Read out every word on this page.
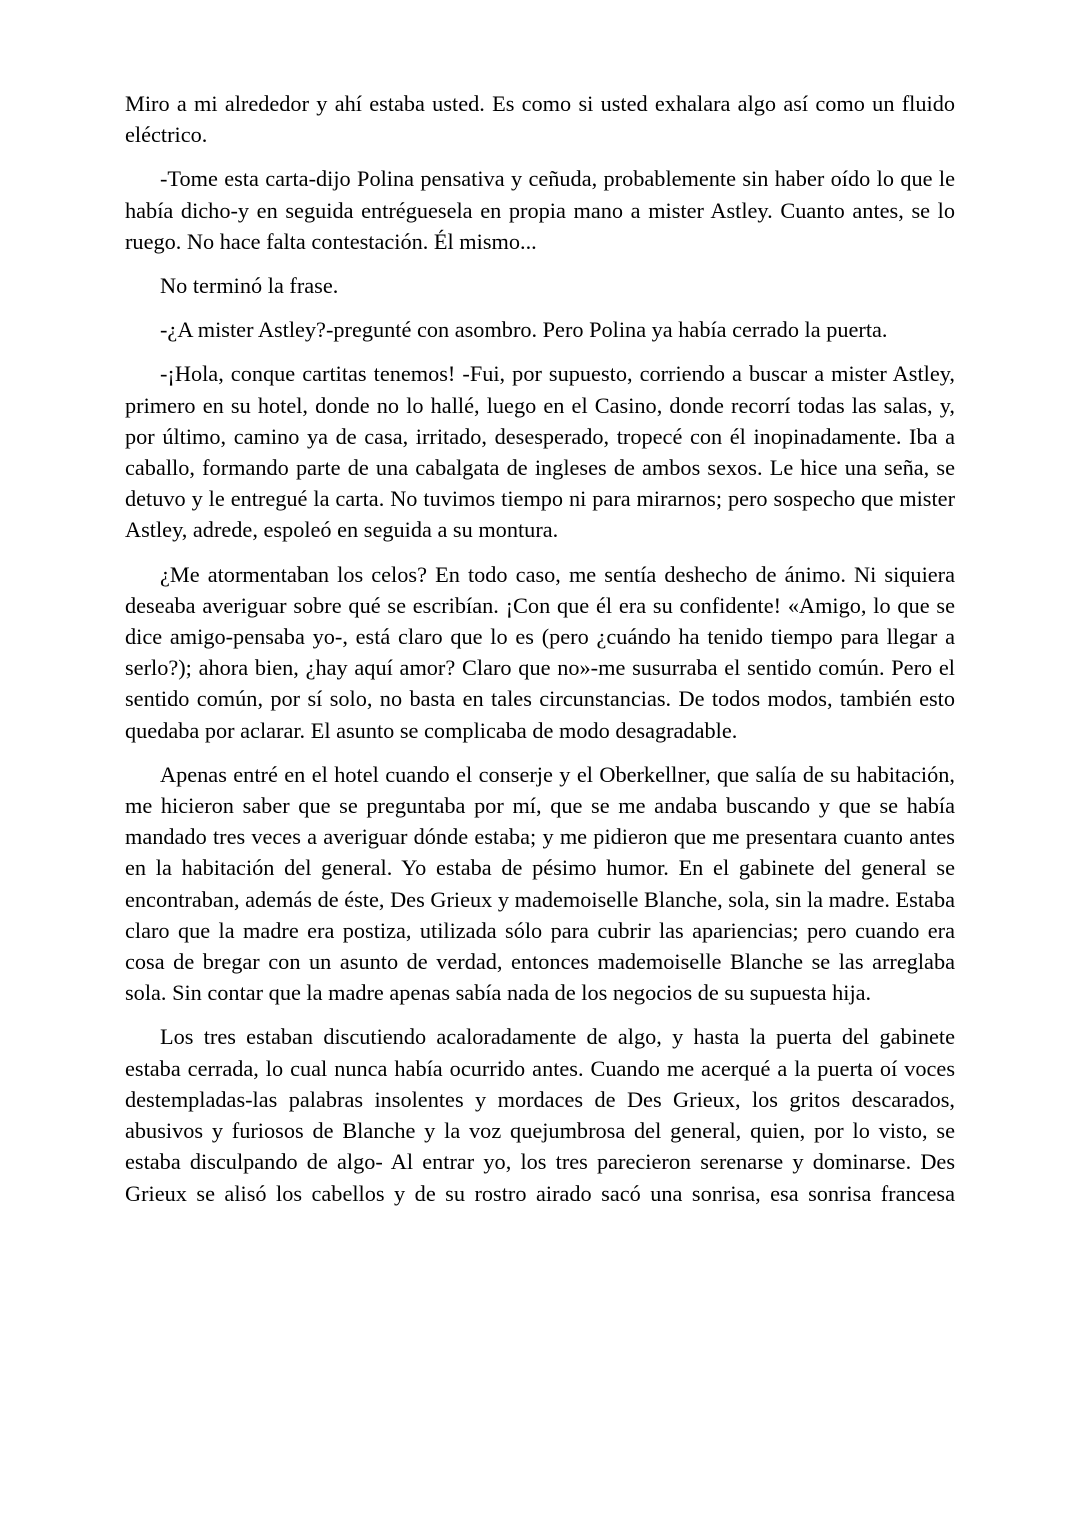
Miro a mi alrededor y ahí estaba usted. Es como si usted exhalara algo así como un fluido eléctrico.

-Tome esta carta-dijo Polina pensativa y ceñuda, probablemente sin haber oído lo que le había dicho-y en seguida entréguesela en propia mano a mister Astley. Cuanto antes, se lo ruego. No hace falta contestación. Él mismo...

No terminó la frase.

-¿A mister Astley?-pregunté con asombro. Pero Polina ya había cerrado la puerta.

-¡Hola, conque cartitas tenemos! -Fui, por supuesto, corriendo a buscar a mister Astley, primero en su hotel, donde no lo hallé, luego en el Casino, donde recorrí todas las salas, y, por último, camino ya de casa, irritado, desesperado, tropecé con él inopinadamente. Iba a caballo, formando parte de una cabalgata de ingleses de ambos sexos. Le hice una seña, se detuvo y le entregué la carta. No tuvimos tiempo ni para mirarnos; pero sospecho que mister Astley, adrede, espoleó en seguida a su montura.

¿Me atormentaban los celos? En todo caso, me sentía deshecho de ánimo. Ni siquiera deseaba averiguar sobre qué se escribían. ¡Con que él era su confidente! «Amigo, lo que se dice amigo-pensaba yo-, está claro que lo es (pero ¿cuándo ha tenido tiempo para llegar a serlo?); ahora bien, ¿hay aquí amor? Claro que no»-me susurraba el sentido común. Pero el sentido común, por sí solo, no basta en tales circunstancias. De todos modos, también esto quedaba por aclarar. El asunto se complicaba de modo desagradable.

Apenas entré en el hotel cuando el conserje y el Oberkellner, que salía de su habitación, me hicieron saber que se preguntaba por mí, que se me andaba buscando y que se había mandado tres veces a averiguar dónde estaba; y me pidieron que me presentara cuanto antes en la habitación del general. Yo estaba de pésimo humor. En el gabinete del general se encontraban, además de éste, Des Grieux y mademoiselle Blanche, sola, sin la madre. Estaba claro que la madre era postiza, utilizada sólo para cubrir las apariencias; pero cuando era cosa de bregar con un asunto de verdad, entonces mademoiselle Blanche se las arreglaba sola. Sin contar que la madre apenas sabía nada de los negocios de su supuesta hija.

Los tres estaban discutiendo acaloradamente de algo, y hasta la puerta del gabinete estaba cerrada, lo cual nunca había ocurrido antes. Cuando me acerqué a la puerta oí voces destempladas-las palabras insolentes y mordaces de Des Grieux, los gritos descarados, abusivos y furiosos de Blanche y la voz quejumbrosa del general, quien, por lo visto, se estaba disculpando de algo- Al entrar yo, los tres parecieron serenarse y dominarse. Des Grieux se alisó los cabellos y de su rostro airado sacó una sonrisa, esa sonrisa francesa
